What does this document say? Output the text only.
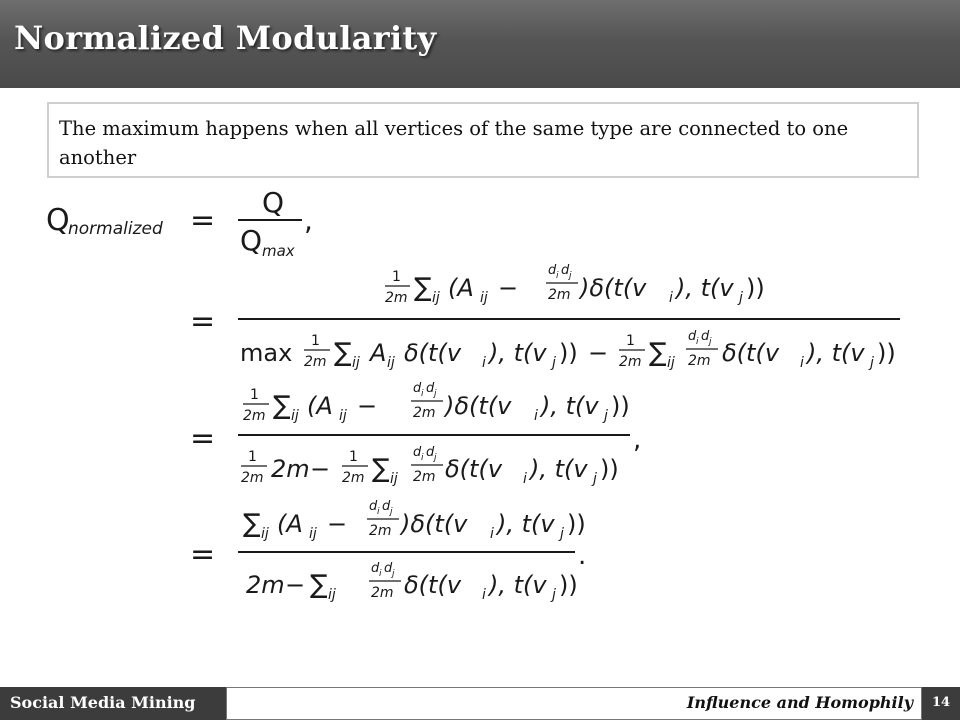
Normalized Modularity
The maximum happens when all vertices of the same type are connected to one another
Q
normalized =
Q
Q max
,
=
1
2m ∑ ij (A ij −
d i d j
2m )δ(t(v i ), t(v j ))
max 1
2m ∑ ij A ij δ(t(v i ), t(v j )) − 1
2m ∑ ij
d i d j
2m δ(t(v i ), t(v j ))
=
1
2m ∑ ij (A ij −
d i d j
2m )δ(t(v i ), t(v j ))
,
1
2m 2m − 1
2m ∑ ij
d i d j
2m δ(t(v i ), t(v j ))
=
∑ ij (A ij −
d i d j
2m )δ(t(v i ), t(v j ))
.
2m − ∑ ij
d i d j
2m δ(t(v i ), t(v j ))
Social Media Mining	Influence and Homophily	14
